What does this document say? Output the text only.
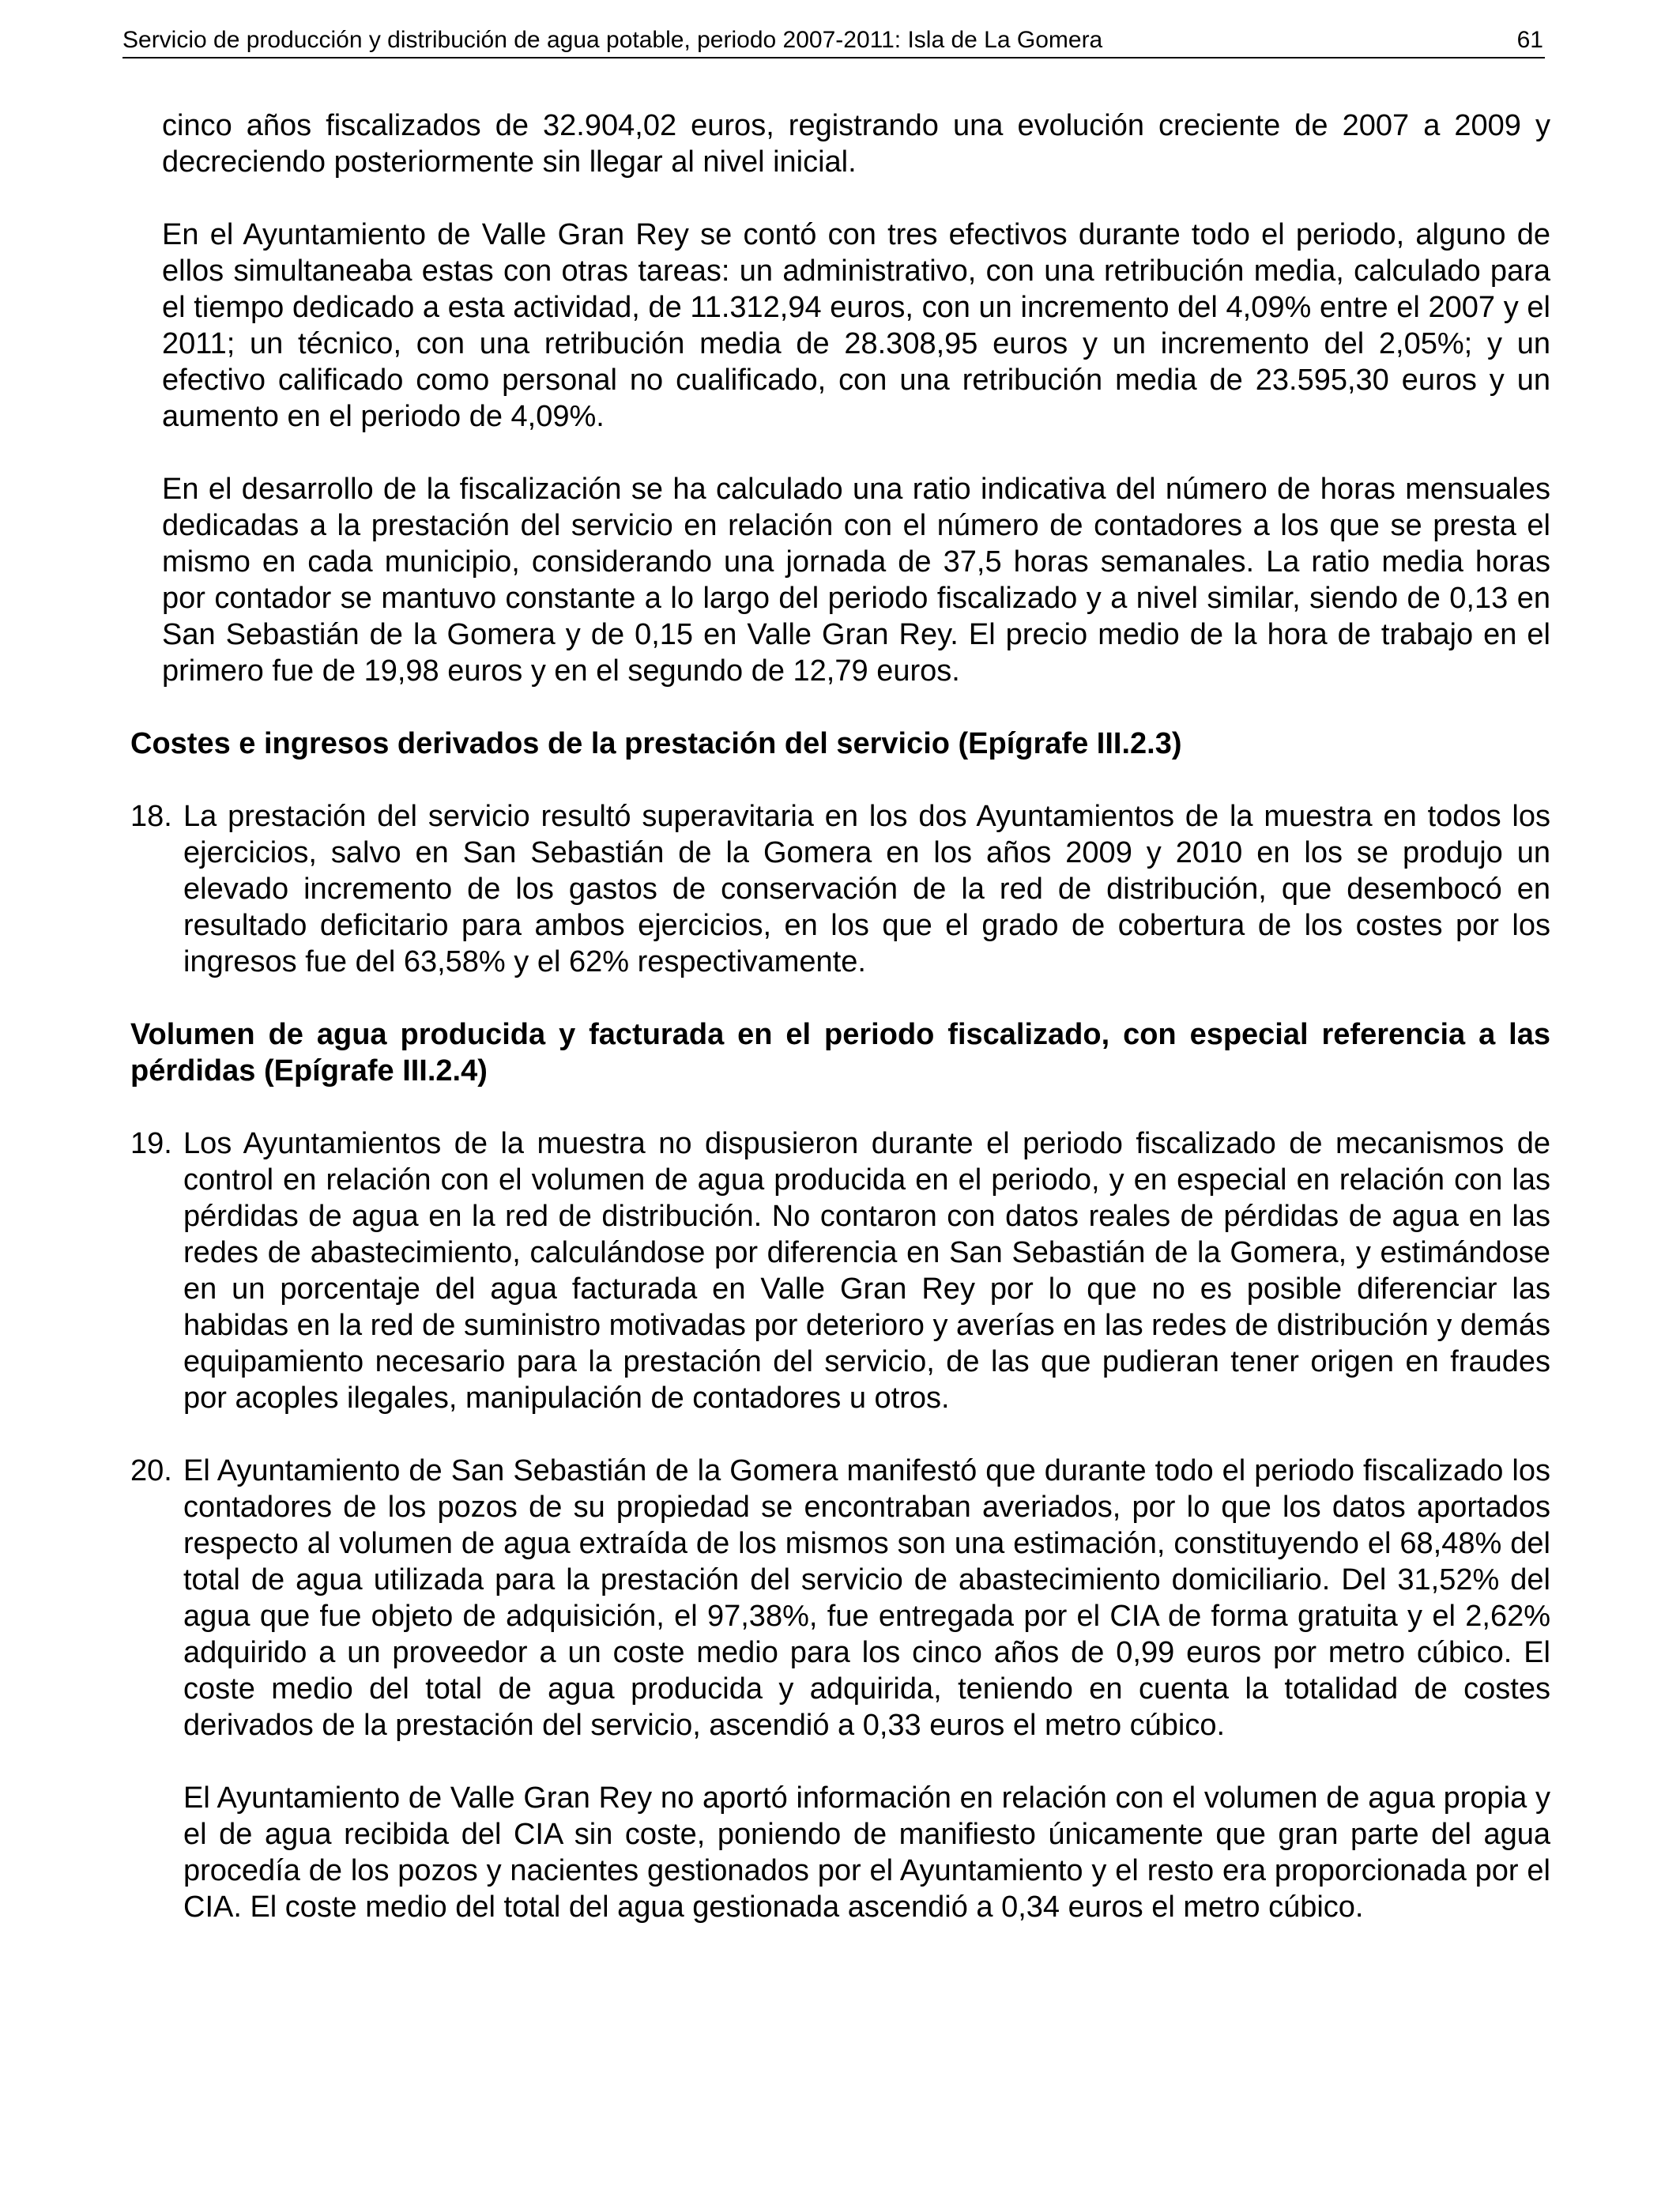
Servicio de producción y distribución de agua potable, periodo 2007-2011: Isla de La Gomera	61

cinco años fiscalizados de 32.904,02 euros, registrando una evolución creciente de 2007 a 2009 y decreciendo posteriormente sin llegar al nivel inicial.

En el Ayuntamiento de Valle Gran Rey se contó con tres efectivos durante todo el periodo, alguno de ellos simultaneaba estas con otras tareas: un administrativo, con una retribución media, calculado para el tiempo dedicado a esta actividad, de 11.312,94 euros, con un incremento del 4,09% entre el 2007 y el 2011; un técnico, con una retribución media de 28.308,95 euros y un incremento del 2,05%; y un efectivo calificado como personal no cualificado, con una retribución media de 23.595,30 euros y un aumento en el periodo de 4,09%.

En el desarrollo de la fiscalización se ha calculado una ratio indicativa del número de horas mensuales dedicadas a la prestación del servicio en relación con el número de contadores a los que se presta el mismo en cada municipio, considerando una jornada de 37,5 horas semanales. La ratio media horas por contador se mantuvo constante a lo largo del periodo fiscalizado y a nivel similar, siendo de 0,13 en San Sebastián de la Gomera y de 0,15 en Valle Gran Rey. El precio medio de la hora de trabajo en el primero fue de 19,98 euros y en el segundo de 12,79 euros.

Costes e ingresos derivados de la prestación del servicio (Epígrafe III.2.3)
18. La prestación del servicio resultó superavitaria en los dos Ayuntamientos de la muestra en todos los ejercicios, salvo en San Sebastián de la Gomera en los años 2009 y 2010 en los se produjo un elevado incremento de los gastos de conservación de la red de distribución, que desembocó en resultado deficitario para ambos ejercicios, en los que el grado de cobertura de los costes por los ingresos fue del 63,58% y el 62% respectivamente.

Volumen de agua producida y facturada en el periodo fiscalizado, con especial referencia a las pérdidas (Epígrafe III.2.4)
19. Los Ayuntamientos de la muestra no dispusieron durante el periodo fiscalizado de mecanismos de control en relación con el volumen de agua producida en el periodo, y en especial en relación con las pérdidas de agua en la red de distribución. No contaron con datos reales de pérdidas de agua en las redes de abastecimiento, calculándose por diferencia en San Sebastián de la Gomera, y estimándose en un porcentaje del agua facturada en Valle Gran Rey por lo que no es posible diferenciar las habidas en la red de suministro motivadas por deterioro y averías en las redes de distribución y demás equipamiento necesario para la prestación del servicio, de las que pudieran tener origen en fraudes por acoples ilegales, manipulación de contadores u otros.

20. El Ayuntamiento de San Sebastián de la Gomera manifestó que durante todo el periodo fiscalizado los contadores de los pozos de su propiedad se encontraban averiados, por lo que los datos aportados respecto al volumen de agua extraída de los mismos son una estimación, constituyendo el 68,48% del total de agua utilizada para la prestación del servicio de abastecimiento domiciliario. Del 31,52% del agua que fue objeto de adquisición, el 97,38%, fue entregada por el CIA de forma gratuita y el 2,62% adquirido a un proveedor a un coste medio para los cinco años de 0,99 euros por metro cúbico. El coste medio del total de agua producida y adquirida, teniendo en cuenta la totalidad de costes derivados de la prestación del servicio, ascendió a 0,33 euros el metro cúbico.

El Ayuntamiento de Valle Gran Rey no aportó información en relación con el volumen de agua propia y el de agua recibida del CIA sin coste, poniendo de manifiesto únicamente que gran parte del agua procedía de los pozos y nacientes gestionados por el Ayuntamiento y el resto era proporcionada por el CIA. El coste medio del total del agua gestionada ascendió a 0,34 euros el metro cúbico.
